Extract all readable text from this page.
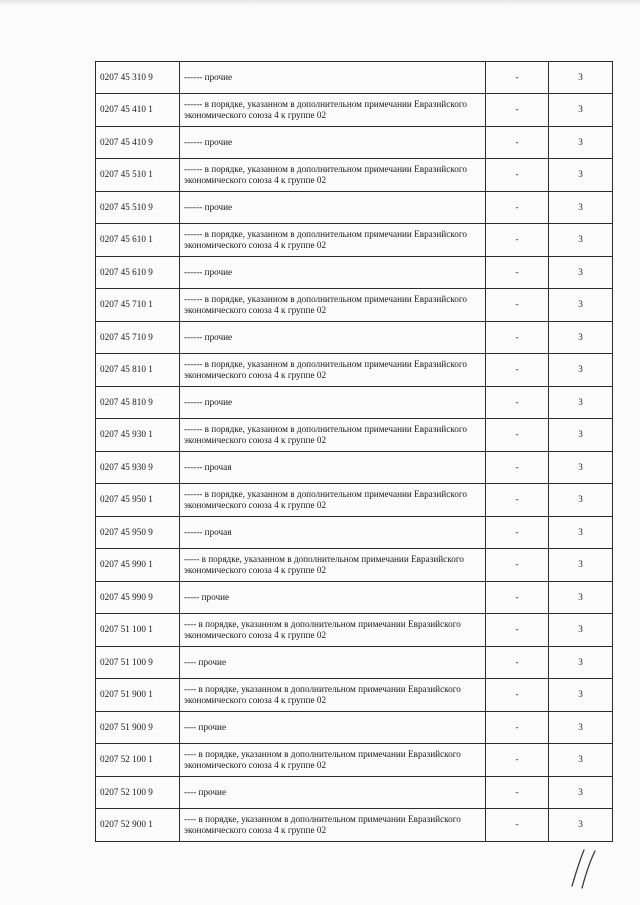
0207 45 310 9	------ прочие	-	3
0207 45 410 1	------ в порядке, указанном в дополнительном примечании Евразийского экономического союза 4 к группе 02	-	3
0207 45 410 9	------ прочие	-	3
0207 45 510 1	------ в порядке, указанном в дополнительном примечании Евразийского экономического союза 4 к группе 02	-	3
0207 45 510 9	------ прочие	-	3
0207 45 610 1	------ в порядке, указанном в дополнительном примечании Евразийского экономического союза 4 к группе 02	-	3
0207 45 610 9	------ прочие	-	3
0207 45 710 1	------ в порядке, указанном в дополнительном примечании Евразийского экономического союза 4 к группе 02	-	3
0207 45 710 9	------ прочие	-	3
0207 45 810 1	------ в порядке, указанном в дополнительном примечании Евразийского экономического союза 4 к группе 02	-	3
0207 45 810 9	------ прочие	-	3
0207 45 930 1	------ в порядке, указанном в дополнительном примечании Евразийского экономического союза 4 к группе 02	-	3
0207 45 930 9	------ прочая	-	3
0207 45 950 1	------ в порядке, указанном в дополнительном примечании Евразийского экономического союза 4 к группе 02	-	3
0207 45 950 9	------ прочая	-	3
0207 45 990 1	----- в порядке, указанном в дополнительном примечании Евразийского экономического союза 4 к группе 02	-	3
0207 45 990 9	----- прочие	-	3
0207 51 100 1	---- в порядке, указанном в дополнительном примечании Евразийского экономического союза 4 к группе 02	-	3
0207 51 100 9	---- прочие	-	3
0207 51 900 1	---- в порядке, указанном в дополнительном примечании Евразийского экономического союза 4 к группе 02	-	3
0207 51 900 9	---- прочие	-	3
0207 52 100 1	---- в порядке, указанном в дополнительном примечании Евразийского экономического союза 4 к группе 02	-	3
0207 52 100 9	---- прочие	-	3
0207 52 900 1	---- в порядке, указанном в дополнительном примечании Евразийского экономического союза 4 к группе 02	-	3
